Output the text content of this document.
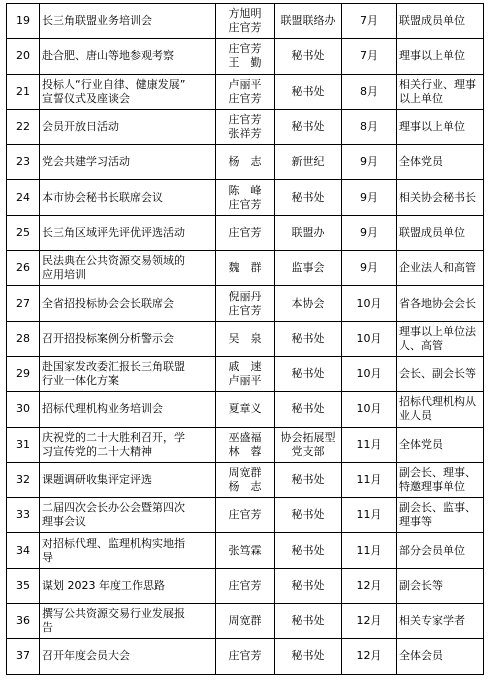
19	长三角联盟业务培训会	方旭明
庄官芳	联盟联络办	7月	联盟成员单位

20	赴合肥、唐山等地参观考察	庄官芳
王　勤	秘书处	7月	理事以上单位

21	投标人“行业自律、健康发展”
宣誓仪式及座谈会	卢丽平
庄官芳	秘书处	8月	相关行业、理事
以上单位

22	会员开放日活动	庄官芳
张祥芳	秘书处	8月	理事以上单位

23	党会共建学习活动	杨　志	新世纪	9月	全体党员

24	本市协会秘书长联席会议	陈　峰
庄官芳	秘书处	9月	相关协会秘书长

25	长三角区域评先评优评选活动	庄官芳	联盟办	9月	联盟成员单位

26	民法典在公共资源交易领域的
应用培训	魏　群	监事会	9月	企业法人和高管

27	全省招投标协会会长联席会	倪丽丹
庄官芳	本协会	10月	省各地协会会长

28	召开招投标案例分析警示会	吴　泉	秘书处	10月	理事以上单位法
人、高管

29	赴国家发改委汇报长三角联盟
行业一体化方案	戚　速
卢丽平	秘书处	10月	会长、副会长等

30	招标代理机构业务培训会	夏章义	秘书处	10月	招标代理机构从
业人员

31	庆祝党的二十大胜利召开，学
习宣传党的二十大精神	巫盛福
林　蓉	协会拓展型
党支部	11月	全体党员

32	课题调研收集评定评选	周宽群
杨　志	秘书处	11月	副会长、理事、
特邀理事单位

33	二届四次会长办公会暨第四次
理事会议	庄官芳	秘书处	11月	副会长、监事、
理事等

34	对招标代理、监理机构实地指
导	张笃霖	秘书处	11月	部分会员单位

35	谋划 2023 年度工作思路	庄官芳	秘书处	12月	副会长等

36	撰写公共资源交易行业发展报
告	周宽群	秘书处	12月	相关专家学者

37	召开年度会员大会	庄官芳	秘书处	12月	全体会员
